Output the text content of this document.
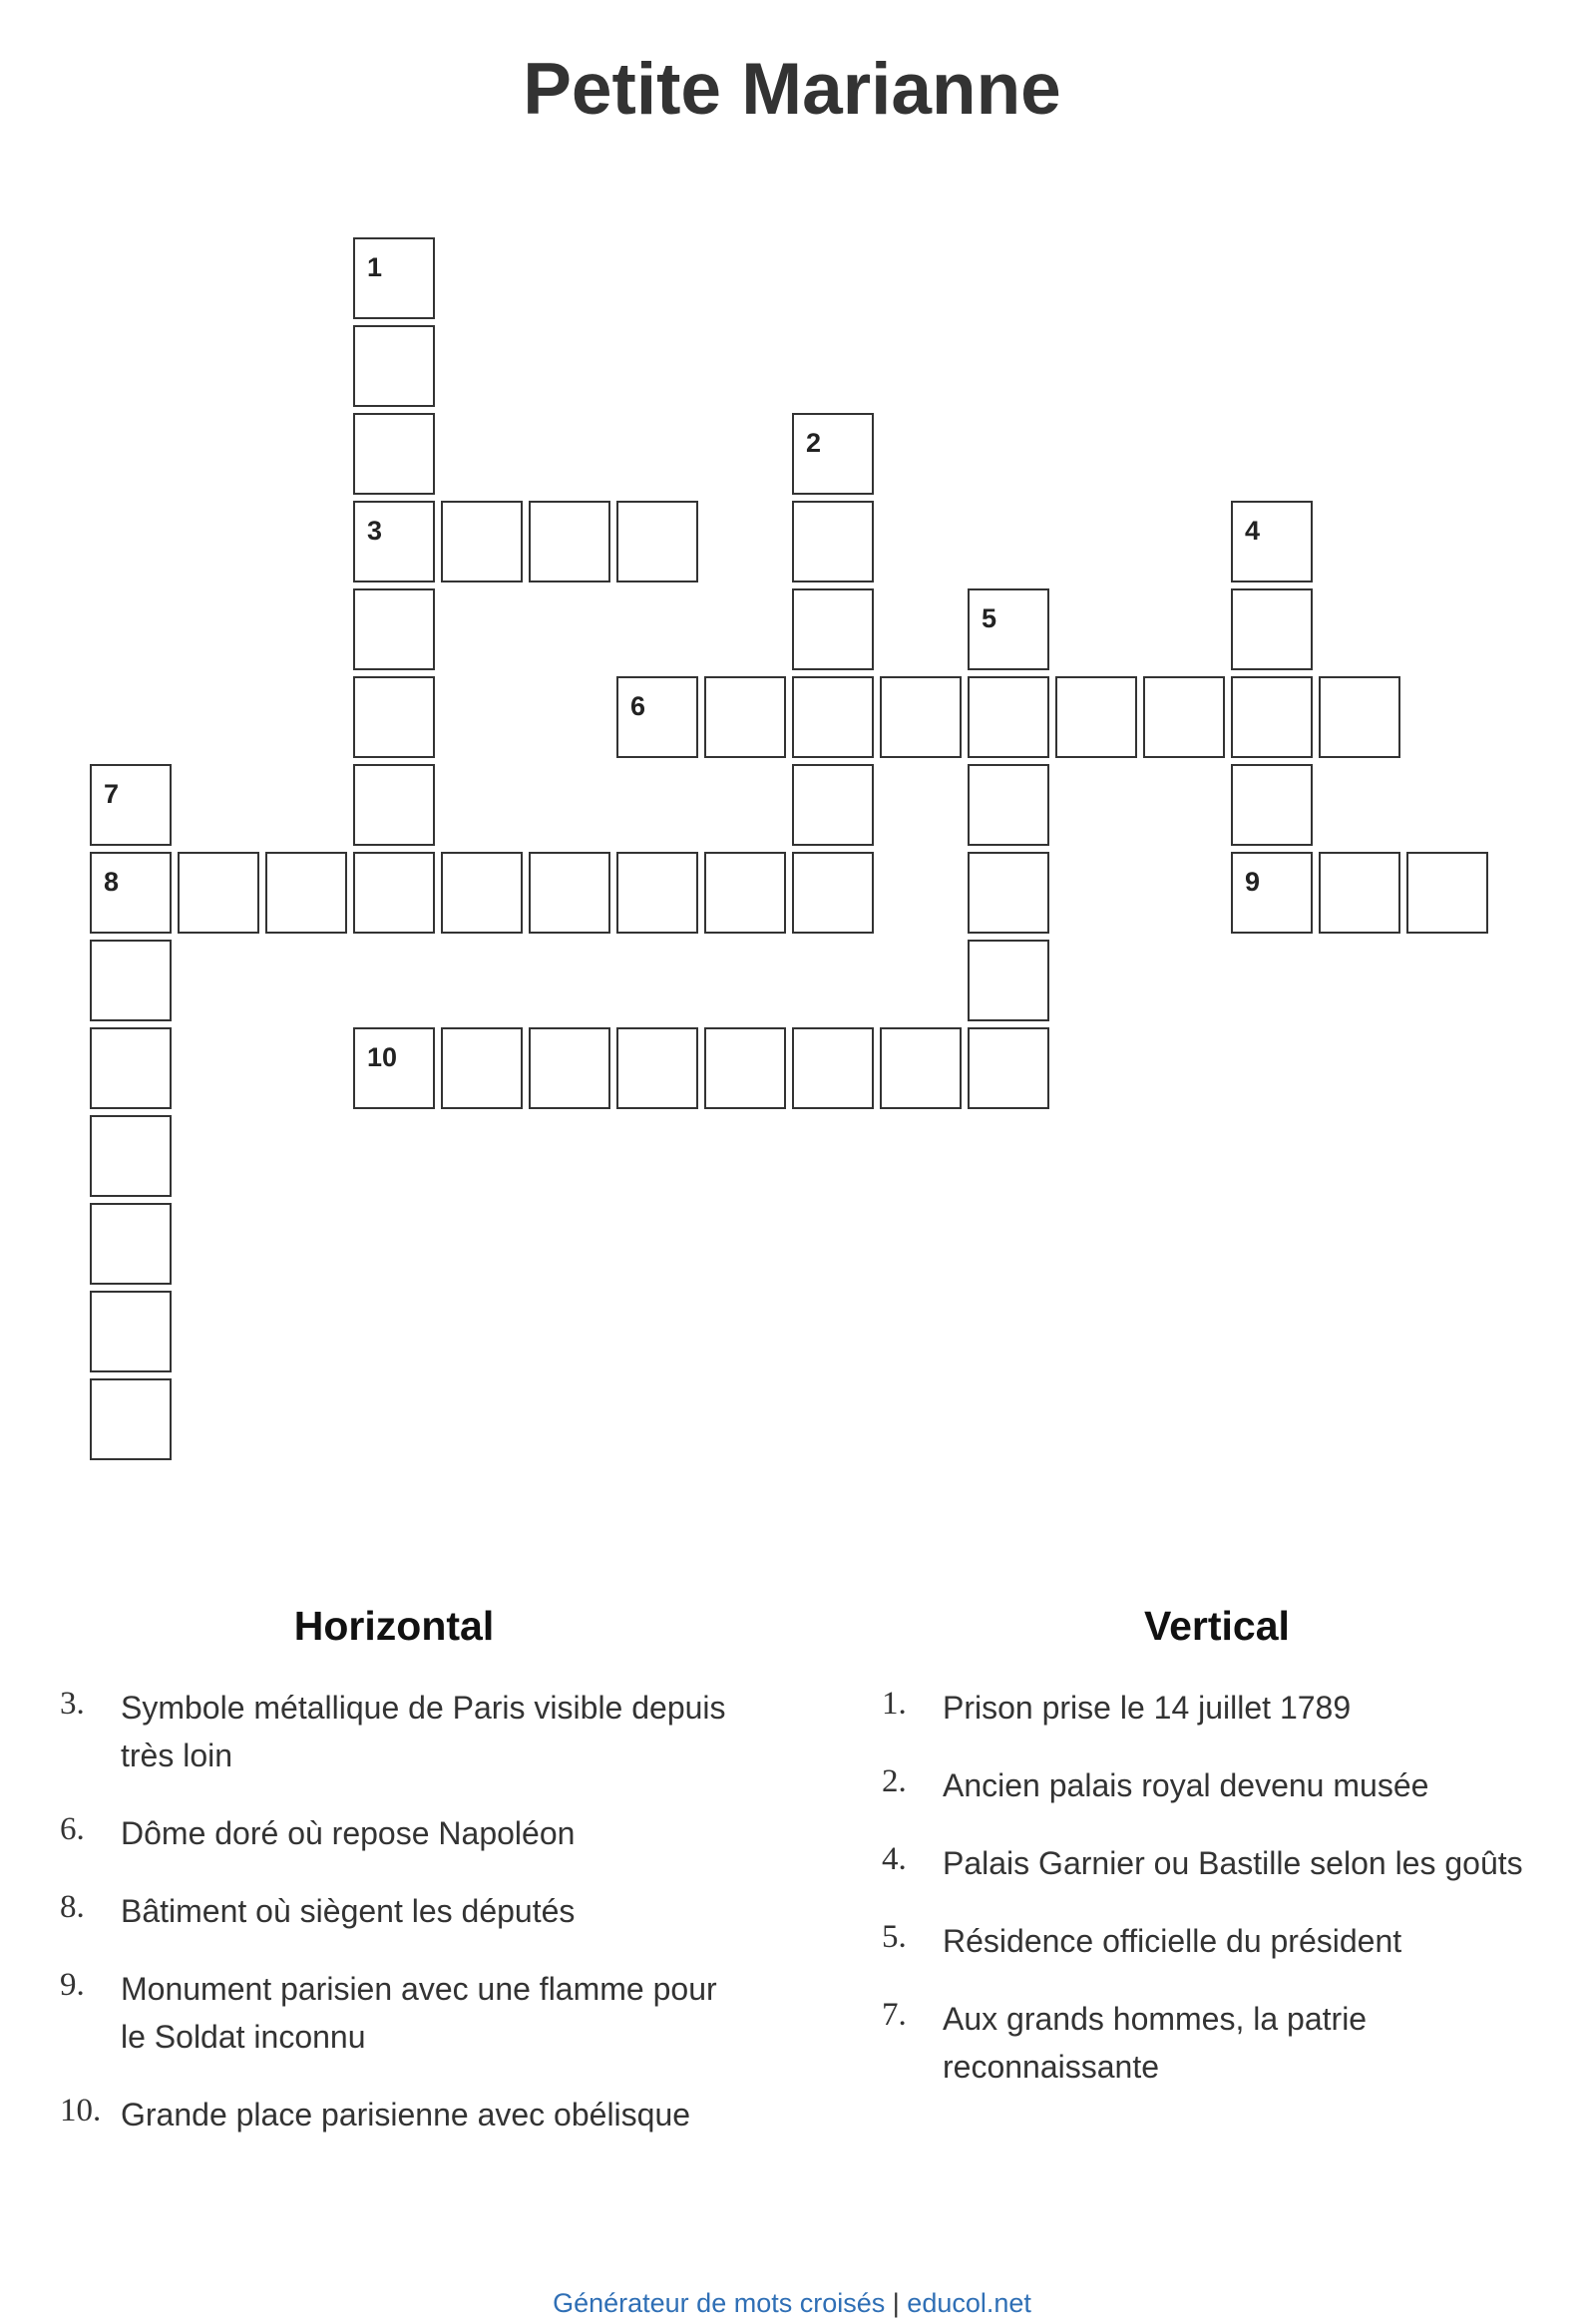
Petite Marianne
1
3
2
4
5
6
7
8	9
10
Horizontal
3. Symbole métallique de Paris visible depuis très loin
6. Dôme doré où repose Napoléon
8. Bâtiment où siègent les députés
9. Monument parisien avec une flamme pour le Soldat inconnu
10. Grande place parisienne avec obélisque
Vertical
1. Prison prise le 14 juillet 1789
2. Ancien palais royal devenu musée
4. Palais Garnier ou Bastille selon les goûts
5. Résidence officielle du président
7. Aux grands hommes, la patrie reconnaissante
Générateur de mots croisés | educol.net
